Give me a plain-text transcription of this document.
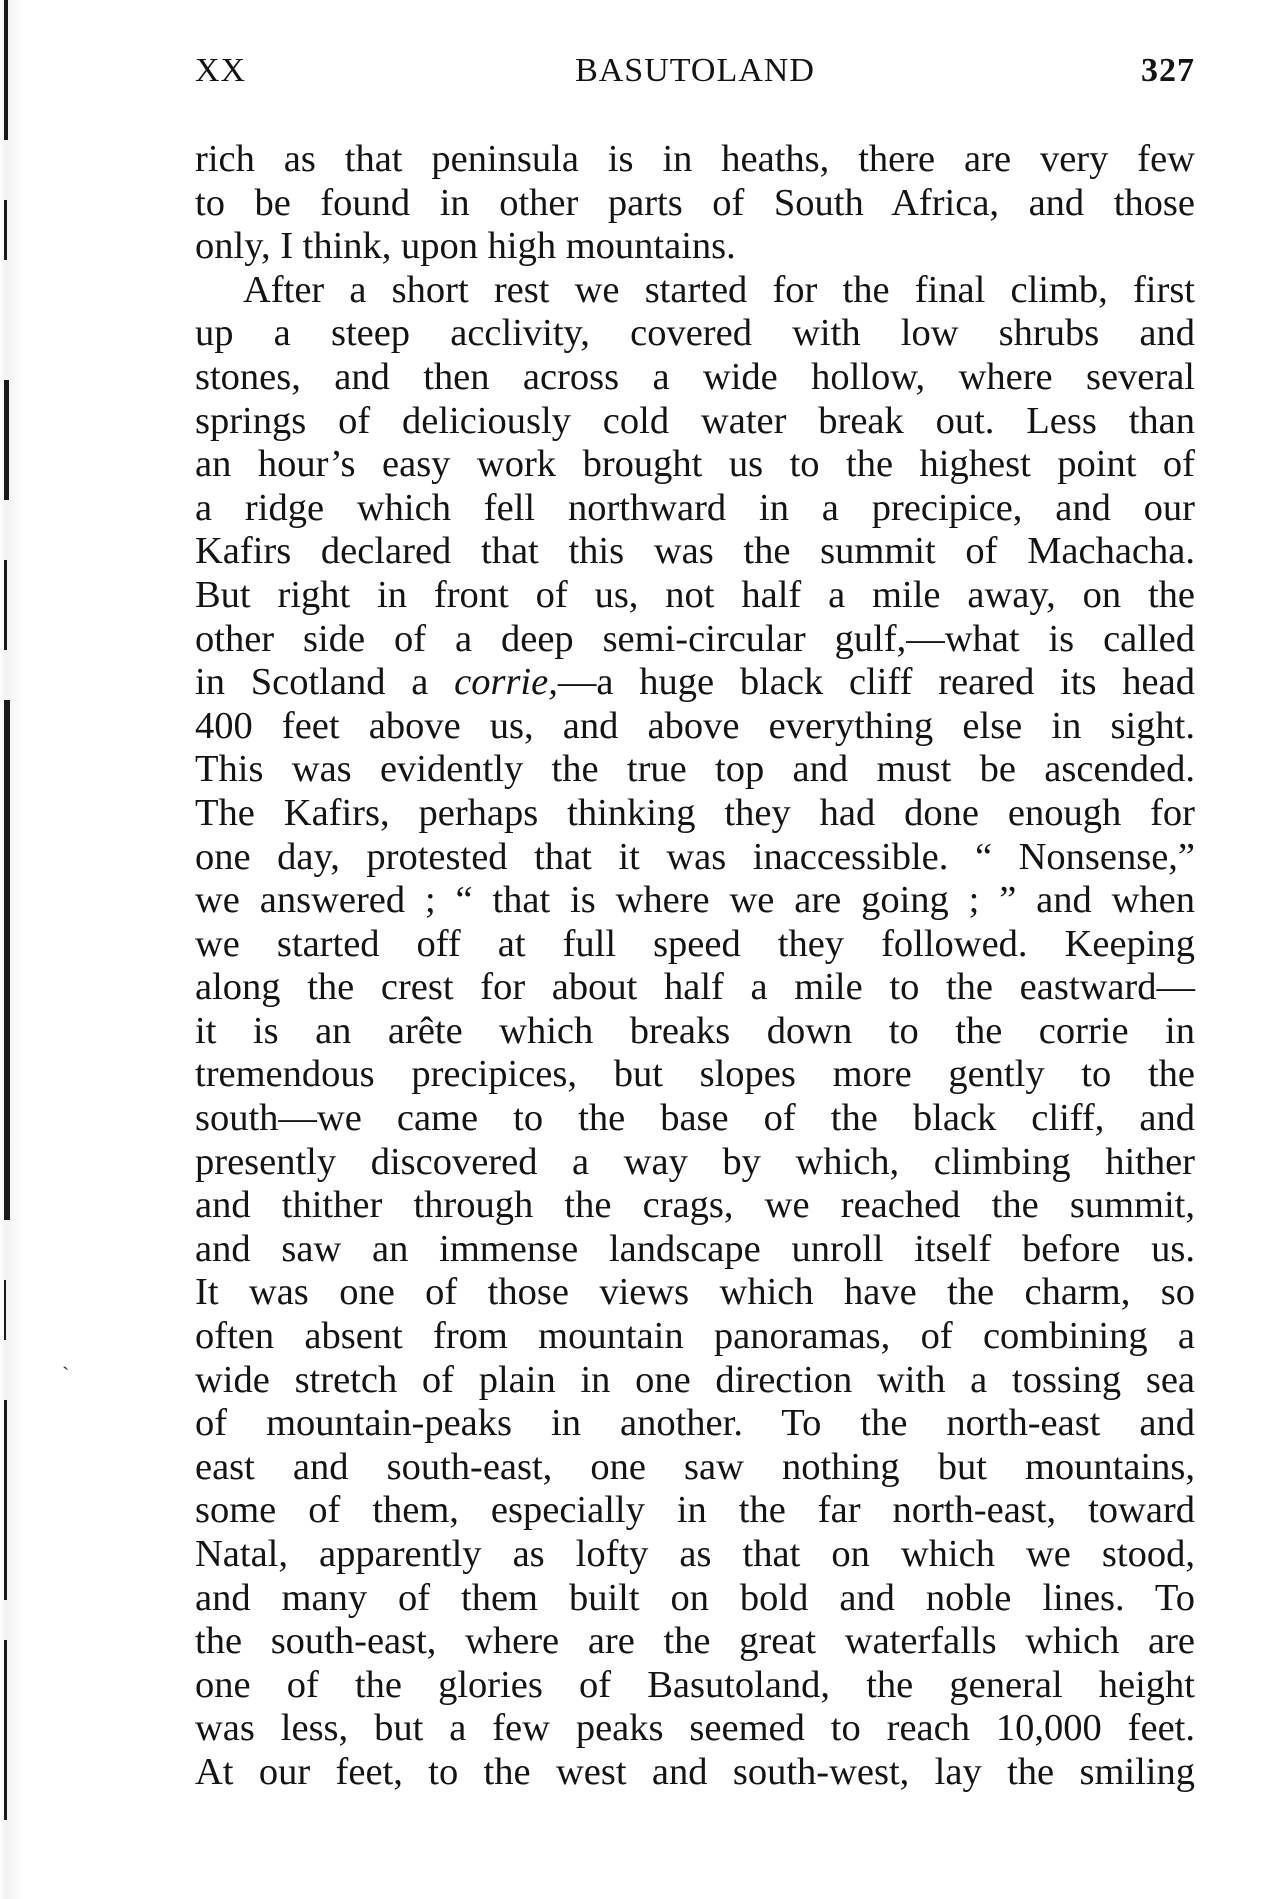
XX	BASUTOLAND	327
rich as that peninsula is in heaths, there are very few
to be found in other parts of South Africa, and those
only, I think, upon high mountains.
After a short rest we started for the final climb, first
up a steep acclivity, covered with low shrubs and
stones, and then across a wide hollow, where several
springs of deliciously cold water break out. Less than
an hour’s easy work brought us to the highest point of
a ridge which fell northward in a precipice, and our
Kafirs declared that this was the summit of Machacha.
But right in front of us, not half a mile away, on the
other side of a deep semi-circular gulf,—what is called
in Scotland a corrie,—a huge black cliff reared its head
400 feet above us, and above everything else in sight.
This was evidently the true top and must be ascended.
The Kafirs, perhaps thinking they had done enough for
one day, protested that it was inaccessible. “ Nonsense,”
we answered ; “ that is where we are going ; ” and when
we started off at full speed they followed. Keeping
along the crest for about half a mile to the eastward—
it is an arête which breaks down to the corrie in
tremendous precipices, but slopes more gently to the
south—we came to the base of the black cliff, and
presently discovered a way by which, climbing hither
and thither through the crags, we reached the summit,
and saw an immense landscape unroll itself before us.
It was one of those views which have the charm, so
often absent from mountain panoramas, of combining a
wide stretch of plain in one direction with a tossing sea
of mountain-peaks in another. To the north-east and
east and south-east, one saw nothing but mountains,
some of them, especially in the far north-east, toward
Natal, apparently as lofty as that on which we stood,
and many of them built on bold and noble lines. To
the south-east, where are the great waterfalls which are
one of the glories of Basutoland, the general height
was less, but a few peaks seemed to reach 10,000 feet.
At our feet, to the west and south-west, lay the smiling
ˎ
